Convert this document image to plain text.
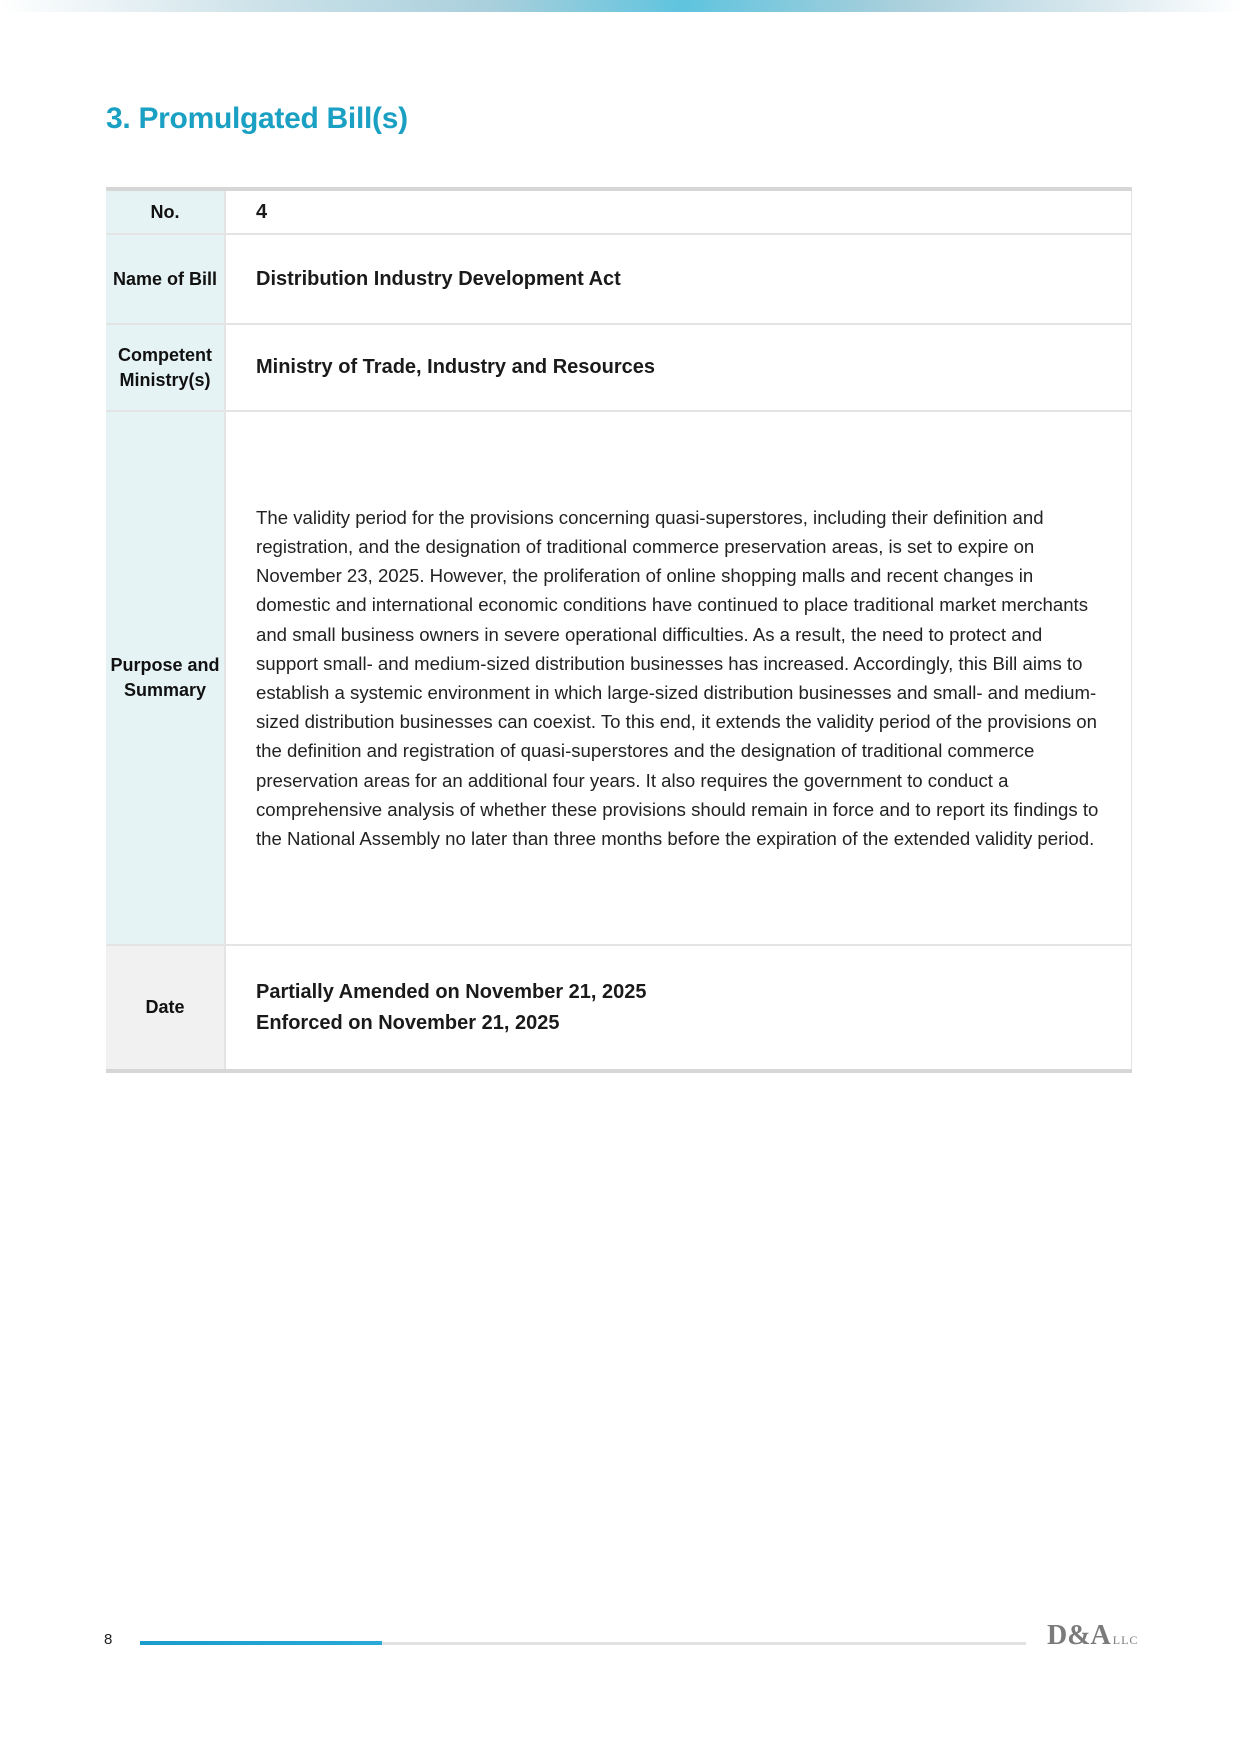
3. Promulgated Bill(s)
No.	4
Name of Bill	Distribution Industry Development Act
Competent Ministry(s)	Ministry of Trade, Industry and Resources
Purpose and Summary	The validity period for the provisions concerning quasi-superstores, including their definition and registration, and the designation of traditional commerce preservation areas, is set to expire on November 23, 2025. However, the proliferation of online shopping malls and recent changes in domestic and international economic conditions have continued to place traditional market merchants and small business owners in severe operational difficulties. As a result, the need to protect and support small- and medium-sized distribution businesses has increased. Accordingly, this Bill aims to establish a systemic environment in which large-sized distribution businesses and small- and medium-sized distribution businesses can coexist. To this end, it extends the validity period of the provisions on the definition and registration of quasi-superstores and the designation of traditional commerce preservation areas for an additional four years. It also requires the government to conduct a comprehensive analysis of whether these provisions should remain in force and to report its findings to the National Assembly no later than three months before the expiration of the extended validity period.
Date	Partially Amended on November 21, 2025
Enforced on November 21, 2025
8	D&A LLC
